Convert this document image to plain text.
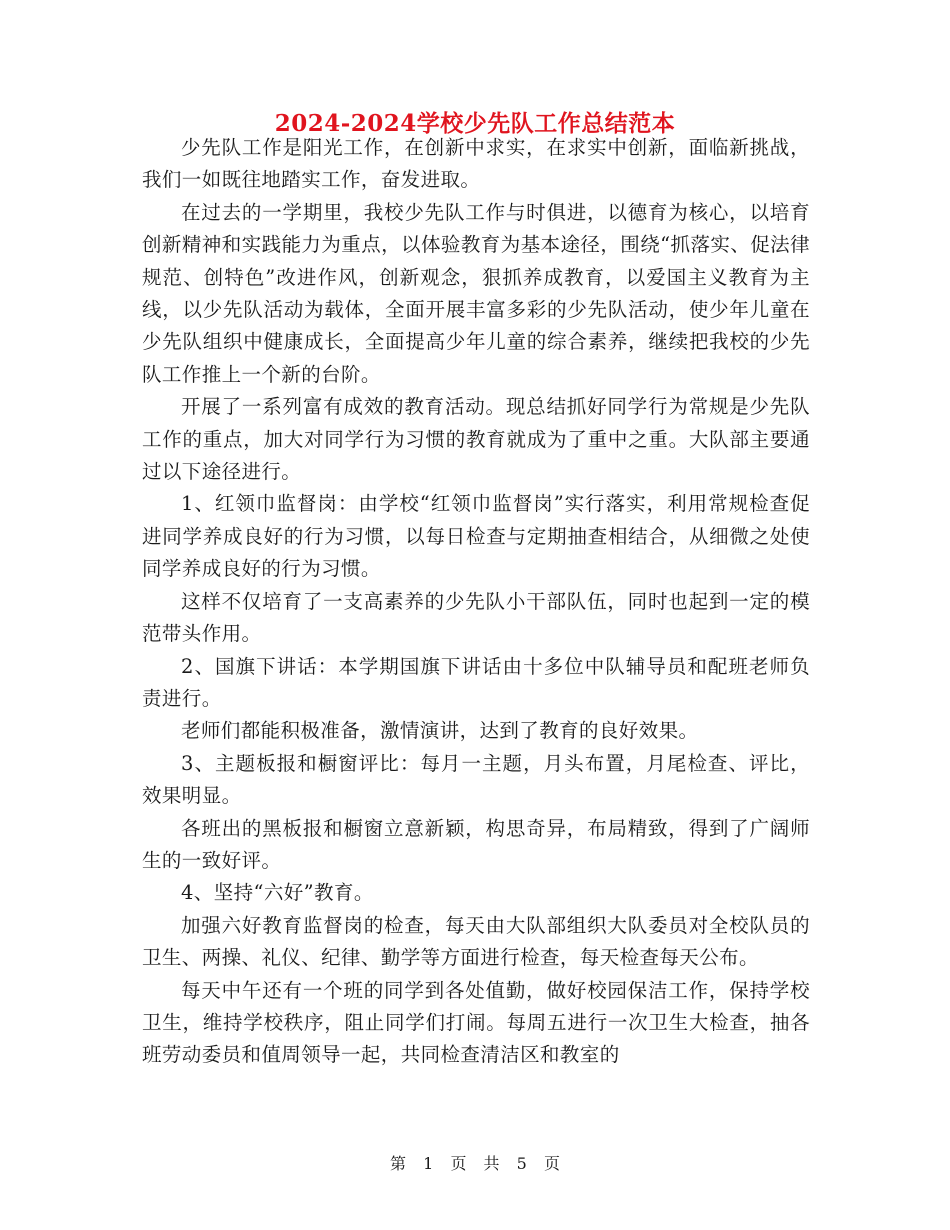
2024-2024学校少先队工作总结范本

少先队工作是阳光工作，在创新中求实，在求实中创新，面临新挑战，我们一如既往地踏实工作，奋发进取。

在过去的一学期里，我校少先队工作与时俱进，以德育为核心，以培育创新精神和实践能力为重点，以体验教育为基本途径，围绕“抓落实、促法律规范、创特色”改进作风，创新观念，狠抓养成教育，以爱国主义教育为主线，以少先队活动为载体，全面开展丰富多彩的少先队活动，使少年儿童在少先队组织中健康成长，全面提高少年儿童的综合素养，继续把我校的少先队工作推上一个新的台阶。

开展了一系列富有成效的教育活动。现总结抓好同学行为常规是少先队工作的重点，加大对同学行为习惯的教育就成为了重中之重。大队部主要通过以下途径进行。

1、红领巾监督岗：由学校“红领巾监督岗”实行落实，利用常规检查促进同学养成良好的行为习惯，以每日检查与定期抽查相结合，从细微之处使同学养成良好的行为习惯。

这样不仅培育了一支高素养的少先队小干部队伍，同时也起到一定的模范带头作用。

2、国旗下讲话：本学期国旗下讲话由十多位中队辅导员和配班老师负责进行。

老师们都能积极准备，激情演讲，达到了教育的良好效果。

3、主题板报和橱窗评比：每月一主题，月头布置，月尾检查、评比，效果明显。

各班出的黑板报和橱窗立意新颖，构思奇异，布局精致，得到了广阔师生的一致好评。

4、坚持“六好”教育。

加强六好教育监督岗的检查，每天由大队部组织大队委员对全校队员的卫生、两操、礼仪、纪律、勤学等方面进行检查，每天检查每天公布。

每天中午还有一个班的同学到各处值勤，做好校园保洁工作，保持学校卫生，维持学校秩序，阻止同学们打闹。每周五进行一次卫生大检查，抽各班劳动委员和值周领导一起，共同检查清洁区和教室的

第 1 页 共 5 页
